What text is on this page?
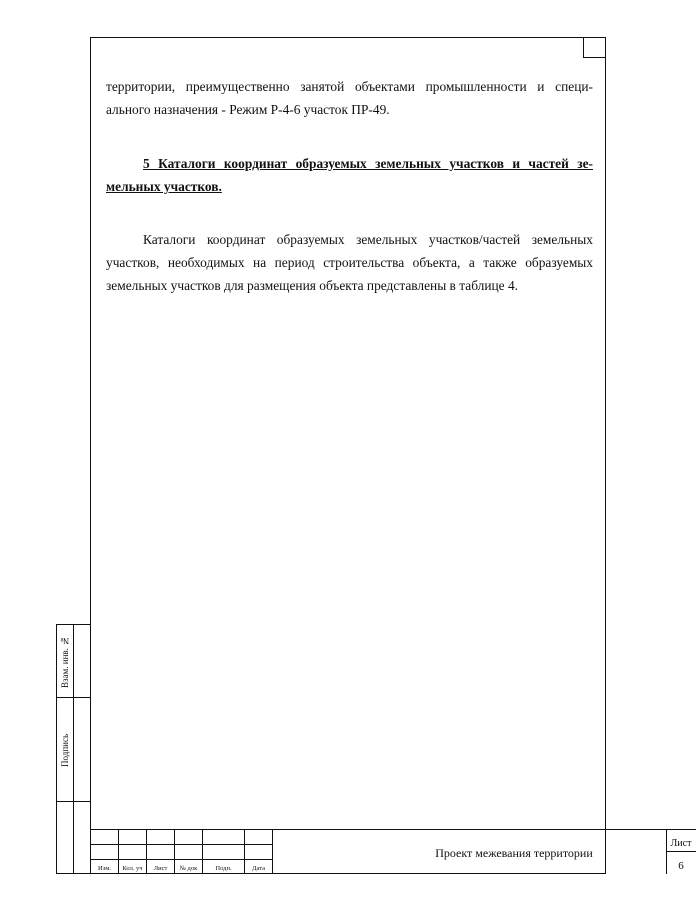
территории, преимущественно занятой объектами промышленности и специ-
ального назначения - Режим Р-4-6 участок ПР-49.
5 Каталоги координат образуемых земельных участков и частей зе-
мельных участков.
Каталоги координат образуемых земельных участков/частей земельных
участков, необходимых на период строительства объекта, а также образуемых
земельных участков для размещения объекта представлены в таблице 4.
Взам. инв. №
Подпись
Изм.	Кол. уч	Лист	№ док	Подп.	Дата
Проект межевания территории
Лист
6
